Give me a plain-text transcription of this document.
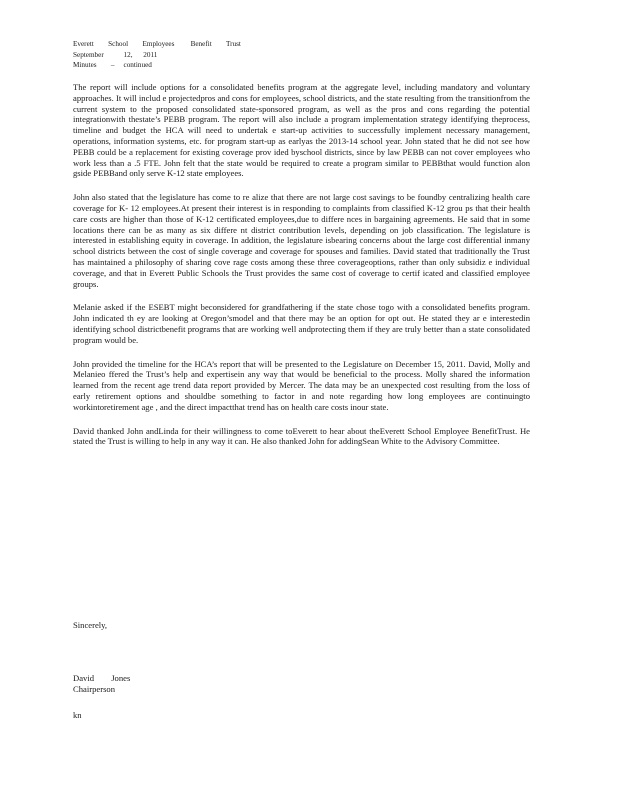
Everett        School        Employees         Benefit        Trust
September           12,      2011
Minutes        –     continued

The report will include options for a consolidated benefits program at the aggregate level, including mandatory and voluntary approaches. It will includ e projectedpros and cons for employees, school districts, and the state resulting from the transitionfrom the current system to the proposed consolidated state-sponsored program, as well as the pros and cons regarding the potential integrationwith thestate’s PEBB program. The report will also include a program implementation strategy identifying theprocess, timeline and budget the HCA will need to undertak e start-up activities to successfully implement necessary management, operations, information systems, etc. for program start-up as earlyas the 2013-14 school year. John stated that he did not see how PEBB could be a replacement for existing coverage prov ided byschool districts, since by law PEBB can not cover employees who work less than a .5 FTE. John felt that the state would be required to create a program similar to PEBBthat would function alon gside PEBBand only serve K-12 state employees.

John also stated that the legislature has come to re alize that there are not large cost savings to be foundby centralizing health care coverage for K- 12 employees.At present their interest is in responding to complaints from classified K-12 grou ps that their health care costs are higher than those of K-12 certificated employees,due to differe nces in bargaining agreements. He said that in some locations there can be as many as six differe nt district contribution levels, depending on job classification. The legislature is interested in establishing equity in coverage. In addition, the legislature isbearing concerns about the large cost differential inmany school districts between the cost of single coverage and coverage for spouses and families. David stated that traditionally the Trust has maintained a philosophy of sharing cove rage costs among these three coverageoptions, rather than only subsidiz e individual coverage, and that in Everett Public Schools the Trust provides the same cost of coverage to certif icated and classified employee groups.

Melanie asked if the ESEBT might beconsidered for grandfathering if the state chose togo with a consolidated benefits program. John indicated th ey are looking at Oregon’smodel and that there may be an option for opt out. He stated they ar e interestedin identifying school districtbenefit programs that are working well andprotecting them if they are truly better than a state consolidated program would be.

John provided the timeline for the HCA’s report that will be presented to the Legislature on December 15, 2011. David, Molly and Melanieo ffered the Trust’s help and expertisein any way that would be beneficial to the process. Molly shared the information learned from the recent age trend data report provided by Mercer. The data may be an unexpected cost resulting from the loss of early retirement options and shouldbe something to factor in and note regarding how long employees are continuingto workintoretirement age , and the direct impactthat trend has on health care costs inour state.

David thanked John andLinda for their willingness to come toEverett to hear about theEverett School Employee BenefitTrust. He stated the Trust is willing to help in any way it can. He also thanked John for addingSean White to the Advisory Committee.

Sincerely,
David        Jones
Chairperson
kn
